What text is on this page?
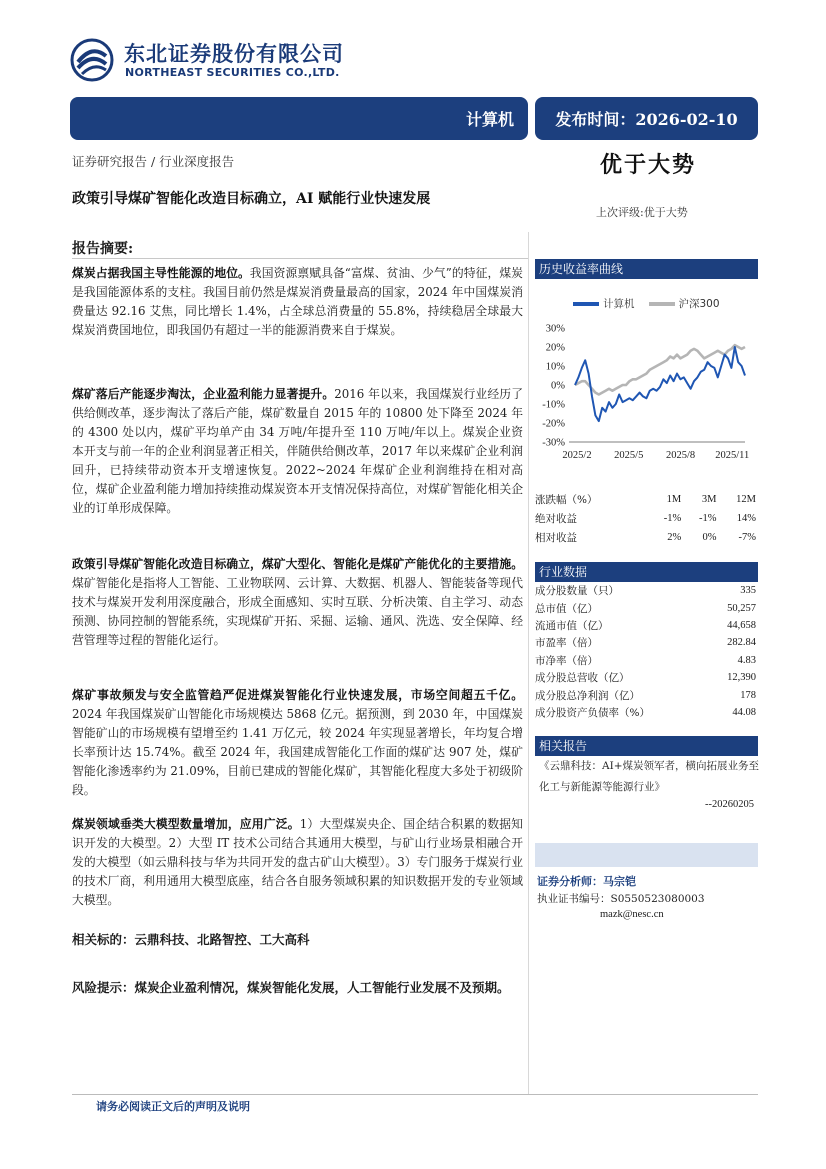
东北证券股份有限公司
NORTHEAST SECURITIES CO.,LTD.
计算机	发布时间：2026-02-10
证券研究报告 / 行业深度报告
政策引导煤矿智能化改造目标确立，AI 赋能行业快速发展
优于大势
上次评级:优于大势
报告摘要:
煤炭占据我国主导性能源的地位。我国资源禀赋具备“富煤、贫油、少气”的特征，煤炭是我国能源体系的支柱。我国目前仍然是煤炭消费量最高的国家，2024 年中国煤炭消费量达 92.16 艾焦，同比增长 1.4%，占全球总消费量的 55.8%，持续稳居全球最大煤炭消费国地位，即我国仍有超过一半的能源消费来自于煤炭。
煤矿落后产能逐步淘汰，企业盈利能力显著提升。2016 年以来，我国煤炭行业经历了供给侧改革，逐步淘汰了落后产能，煤矿数量自 2015 年的 10800 处下降至 2024 年的 4300 处以内，煤矿平均单产由 34 万吨/年提升至 110 万吨/年以上。煤炭企业资本开支与前一年的企业利润显著正相关，伴随供给侧改革，2017 年以来煤矿企业利润回升，已持续带动资本开支增速恢复。2022~2024 年煤矿企业利润维持在相对高位，煤矿企业盈利能力增加持续推动煤炭资本开支情况保持高位，对煤矿智能化相关企业的订单形成保障。
政策引导煤矿智能化改造目标确立，煤矿大型化、智能化是煤矿产能优化的主要措施。煤矿智能化是指将人工智能、工业物联网、云计算、大数据、机器人、智能装备等现代技术与煤炭开发利用深度融合，形成全面感知、实时互联、分析决策、自主学习、动态预测、协同控制的智能系统，实现煤矿开拓、采掘、运输、通风、洗选、安全保障、经营管理等过程的智能化运行。
煤矿事故频发与安全监管趋严促进煤炭智能化行业快速发展，市场空间超五千亿。2024 年我国煤炭矿山智能化市场规模达 5868 亿元。据预测，到 2030 年，中国煤炭智能矿山的市场规模有望增至约 1.41 万亿元，较 2024 年实现显著增长，年均复合增长率预计达 15.74%。截至 2024 年，我国建成智能化工作面的煤矿达 907 处，煤矿智能化渗透率约为 21.09%，目前已建成的智能化煤矿，其智能化程度大多处于初级阶段。
煤炭领域垂类大模型数量增加，应用广泛。1）大型煤炭央企、国企结合积累的数据知识开发的大模型。2）大型 IT 技术公司结合其通用大模型，与矿山行业场景相融合开发的大模型（如云鼎科技与华为共同开发的盘古矿山大模型）。3）专门服务于煤炭行业的技术厂商，利用通用大模型底座，结合各自服务领域积累的知识数据开发的专业领域大模型。
相关标的：云鼎科技、北路智控、工大高科
风险提示：煤炭企业盈利情况，煤炭智能化发展，人工智能行业发展不及预期。
历史收益率曲线
计算机	沪深300
30%
20%
10%
0%
-10%
-20%
-30%
2025/2 2025/5 2025/8 2025/11
涨跌幅（%）	1M	3M	12M
绝对收益	-1%	-1%	14%
相对收益	2%	0%	-7%
行业数据
成分股数量（只）	335
总市值（亿）	50,257
流通市值（亿）	44,658
市盈率（倍）	282.84
市净率（倍）	4.83
成分股总营收（亿）	12,390
成分股总净利润（亿）	178
成分股资产负债率（%）	44.08
相关报告
《云鼎科技：AI+煤炭领军者，横向拓展业务至化工与新能源等能源行业》
--20260205
证券分析师：马宗铠
执业证书编号：S0550523080003
mazk@nesc.cn
请务必阅读正文后的声明及说明
